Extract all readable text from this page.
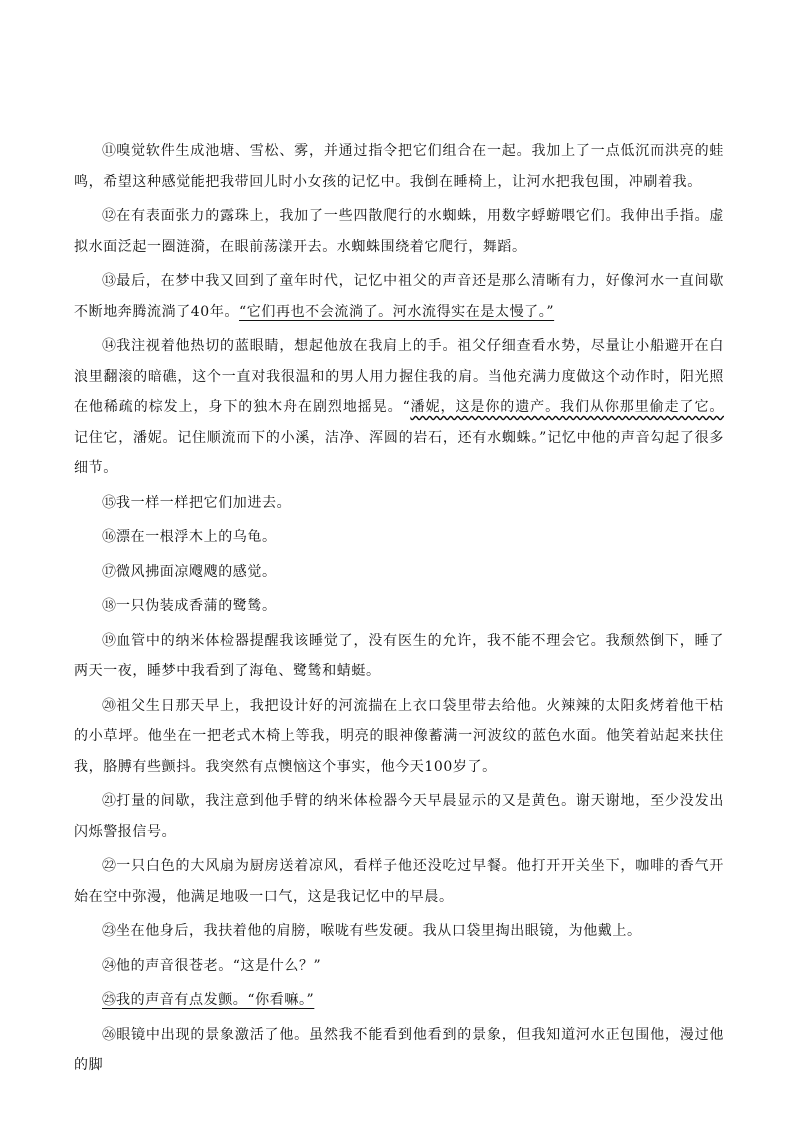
⑪嗅觉软件生成池塘、雪松、雾，并通过指令把它们组合在一起。我加上了一点低沉而洪亮的蛙鸣，希望这种感觉能把我带回儿时小女孩的记忆中。我倒在睡椅上，让河水把我包围，冲刷着我。

⑫在有表面张力的露珠上，我加了一些四散爬行的水蜘蛛，用数字蜉蝣喂它们。我伸出手指。虚拟水面泛起一圈涟漪，在眼前荡漾开去。水蜘蛛围绕着它爬行，舞蹈。

⑬最后，在梦中我又回到了童年时代，记忆中祖父的声音还是那么清晰有力，好像河水一直间歇不断地奔腾流淌了40年。“它们再也不会流淌了。河水流得实在是太慢了。”

⑭我注视着他热切的蓝眼睛，想起他放在我肩上的手。祖父仔细查看水势，尽量让小船避开在白浪里翻滚的暗礁，这个一直对我很温和的男人用力握住我的肩。当他充满力度做这个动作时，阳光照在他稀疏的棕发上，身下的独木舟在剧烈地摇晃。“潘妮，这是你的遗产。我们从你那里偷走了它。记住它，潘妮。记住顺流而下的小溪，洁净、浑圆的岩石，还有水蜘蛛。”记忆中他的声音勾起了很多细节。

⑮我一样一样把它们加进去。

⑯漂在一根浮木上的乌龟。

⑰微风拂面凉飕飕的感觉。

⑱一只伪装成香蒲的鹭鸶。

⑲血管中的纳米体检器提醒我该睡觉了，没有医生的允许，我不能不理会它。我颓然倒下，睡了两天一夜，睡梦中我看到了海龟、鹭鸶和蜻蜓。

⑳祖父生日那天早上，我把设计好的河流揣在上衣口袋里带去给他。火辣辣的太阳炙烤着他干枯的小草坪。他坐在一把老式木椅上等我，明亮的眼神像蓄满一河波纹的蓝色水面。他笑着站起来扶住我，胳膊有些颤抖。我突然有点懊恼这个事实，他今天100岁了。

㉑打量的间歇，我注意到他手臂的纳米体检器今天早晨显示的又是黄色。谢天谢地，至少没发出闪烁警报信号。

㉒一只白色的大风扇为厨房送着凉风，看样子他还没吃过早餐。他打开开关坐下，咖啡的香气开始在空中弥漫，他满足地吸一口气，这是我记忆中的早晨。

㉓坐在他身后，我扶着他的肩膀，喉咙有些发硬。我从口袋里掏出眼镜，为他戴上。

㉔他的声音很苍老。“这是什么？”

㉕我的声音有点发颤。“你看嘛。”

㉖眼镜中出现的景象激活了他。虽然我不能看到他看到的景象，但我知道河水正包围他，漫过他的脚
